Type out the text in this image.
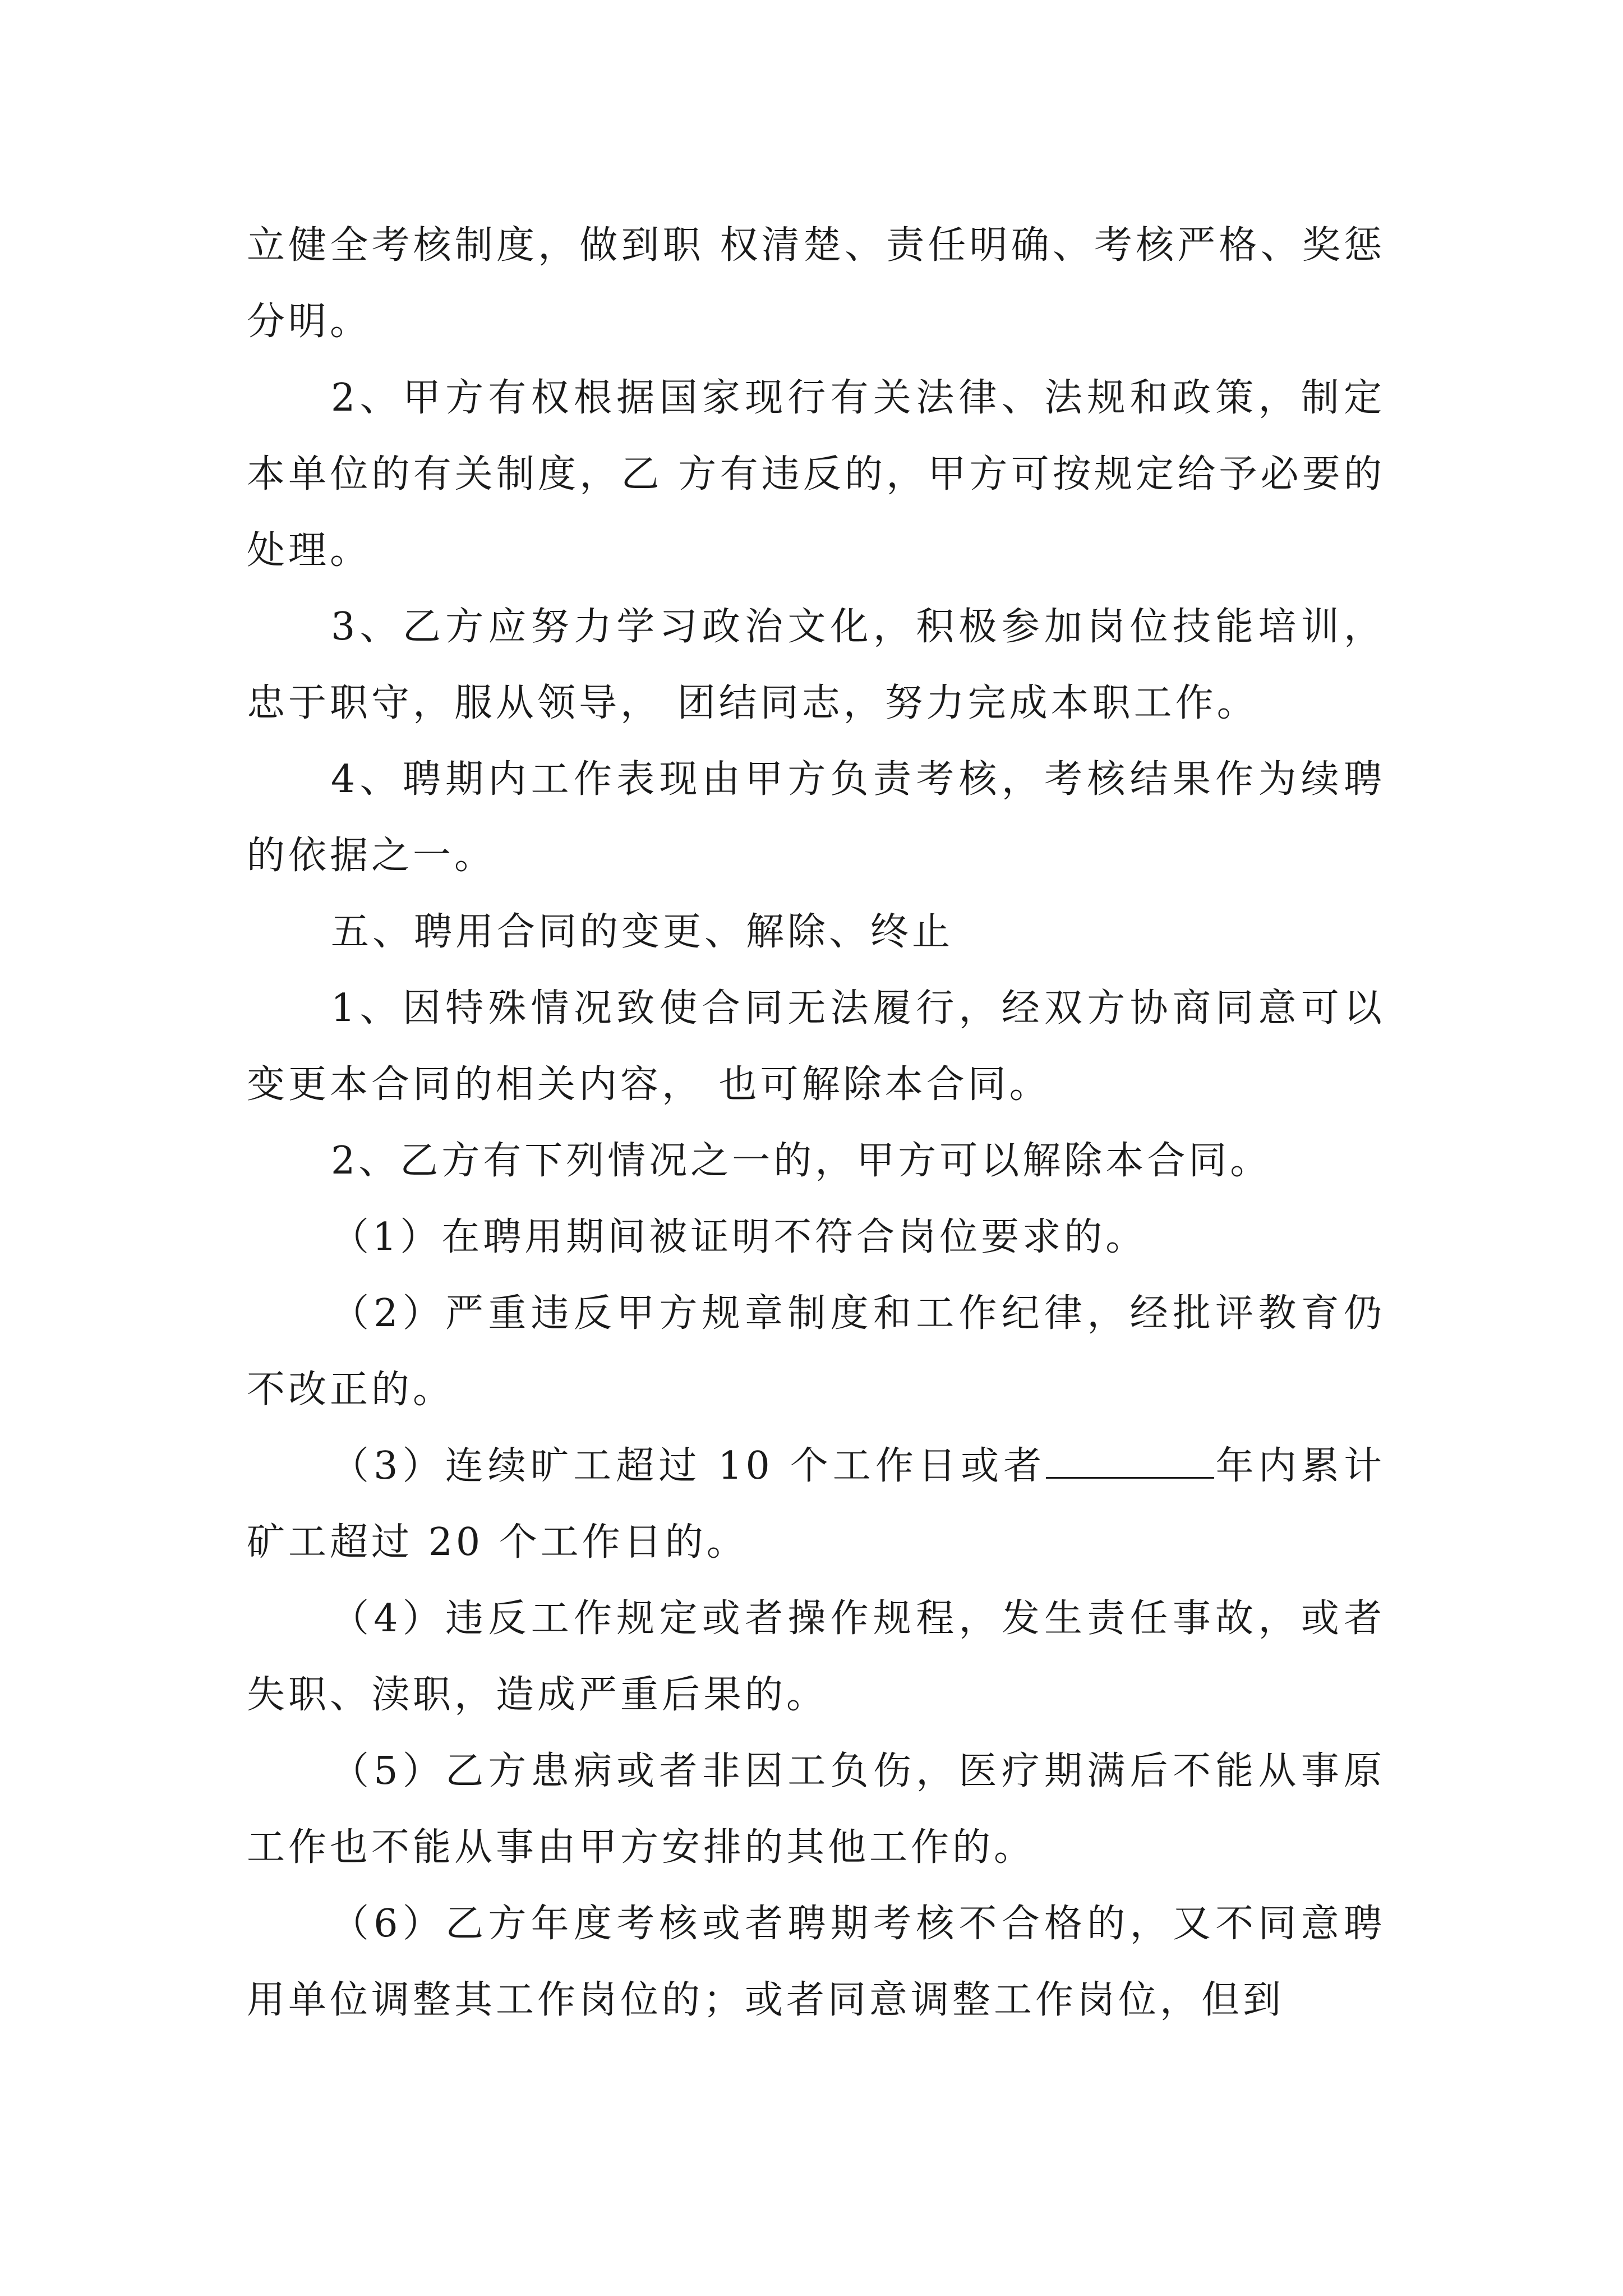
立健全考核制度，做到职 权清楚、责任明确、考核严格、奖惩分明。

2、甲方有权根据国家现行有关法律、法规和政策，制定本单位的有关制度，乙 方有违反的，甲方可按规定给予必要的处理。

3、乙方应努力学习政治文化，积极参加岗位技能培训，忠于职守，服从领导， 团结同志，努力完成本职工作。

4、聘期内工作表现由甲方负责考核，考核结果作为续聘的依据之一。

五、聘用合同的变更、解除、终止

1、因特殊情况致使合同无法履行，经双方协商同意可以变更本合同的相关内容， 也可解除本合同。

2、乙方有下列情况之一的，甲方可以解除本合同。

（1）在聘用期间被证明不符合岗位要求的。

（2）严重违反甲方规章制度和工作纪律，经批评教育仍不改正的。

（3）连续旷工超过 10 个工作日或者	年内累计矿工超过 20 个工作日的。

（4）违反工作规定或者操作规程，发生责任事故，或者失职、渎职，造成严重后果的。

（5）乙方患病或者非因工负伤，医疗期满后不能从事原工作也不能从事由甲方安排的其他工作的。

（6）乙方年度考核或者聘期考核不合格的，又不同意聘用单位调整其工作岗位的；或者同意调整工作岗位，但到
